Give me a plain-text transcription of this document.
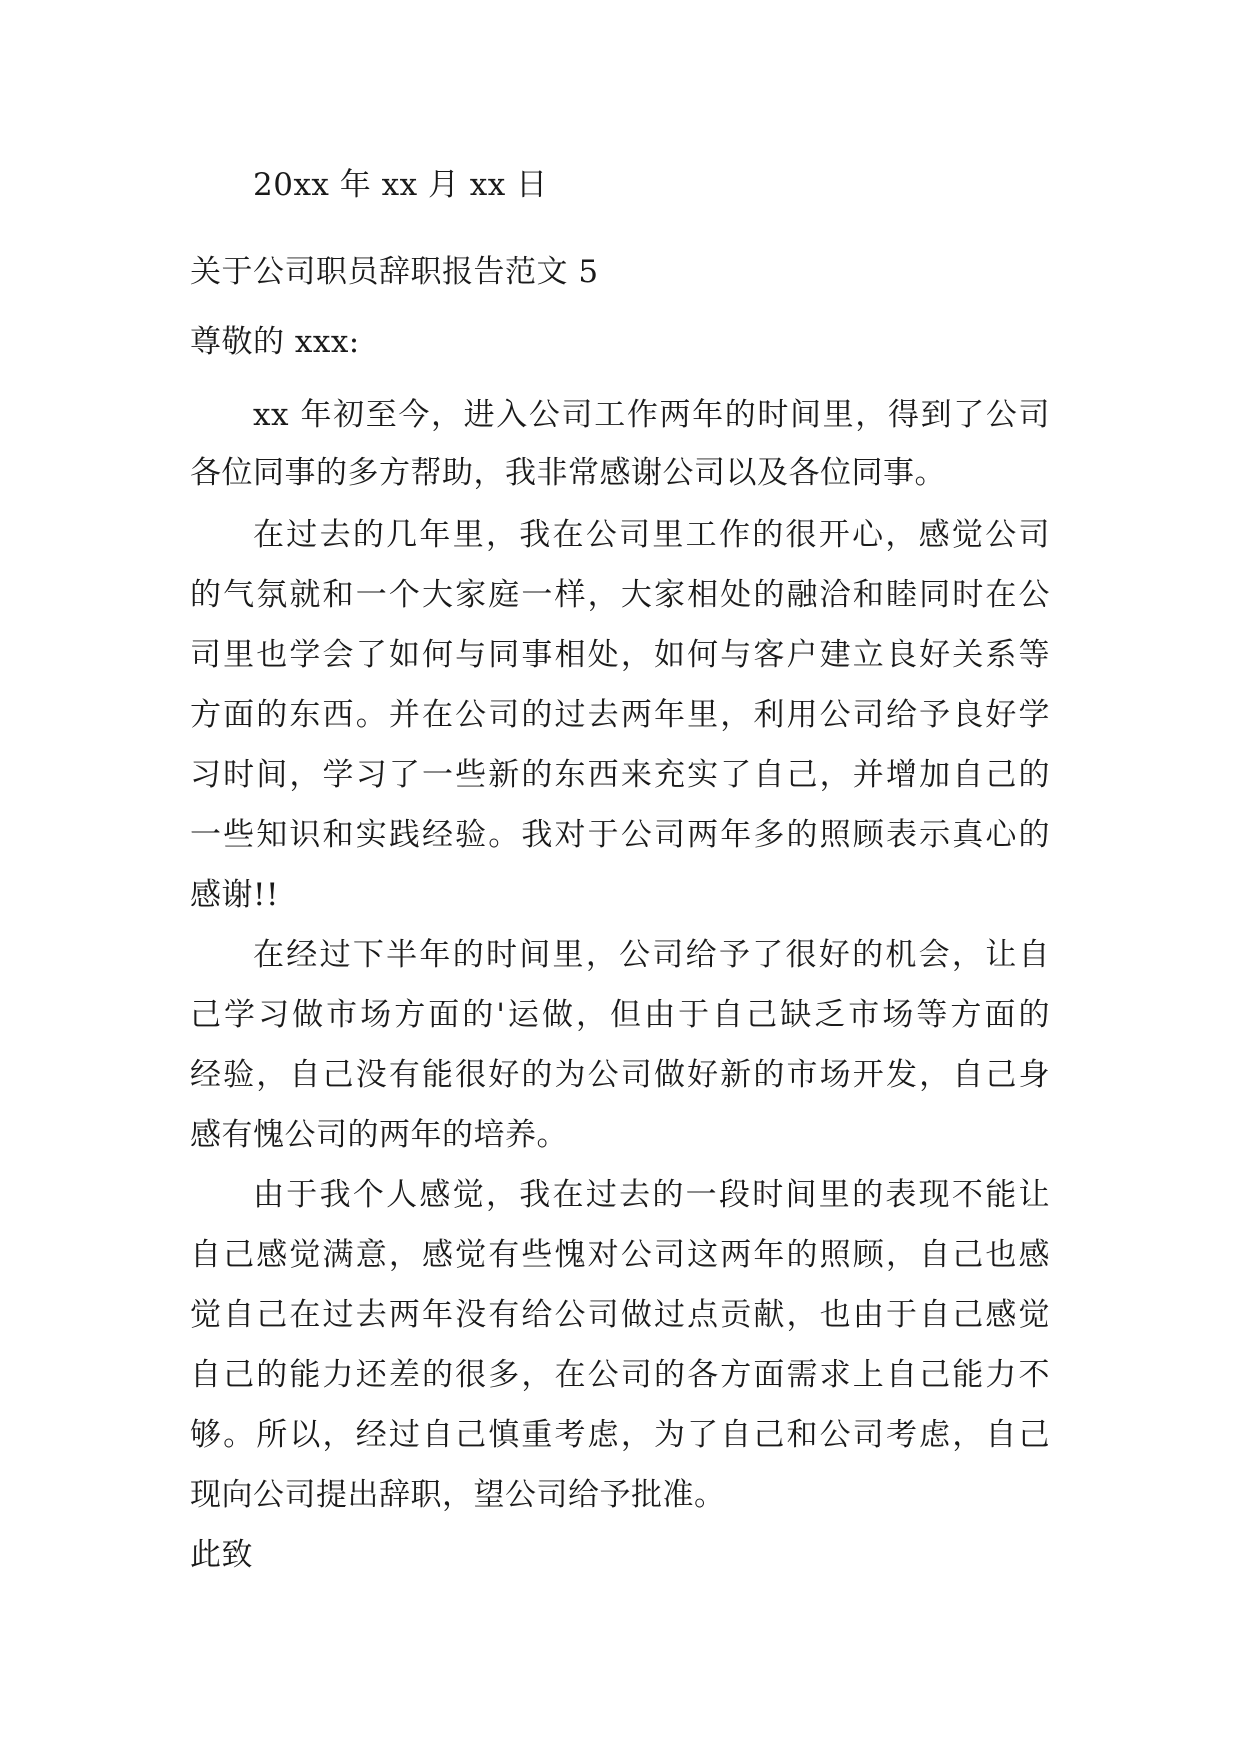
20xx 年 xx 月 xx 日
关于公司职员辞职报告范文 5
尊敬的 xxx:
xx 年初至今，进入公司工作两年的时间里，得到了公司
各位同事的多方帮助，我非常感谢公司以及各位同事。
在过去的几年里，我在公司里工作的很开心，感觉公司
的气氛就和一个大家庭一样，大家相处的融洽和睦同时在公
司里也学会了如何与同事相处，如何与客户建立良好关系等
方面的东西。并在公司的过去两年里，利用公司给予良好学
习时间，学习了一些新的东西来充实了自己，并增加自己的
一些知识和实践经验。我对于公司两年多的照顾表示真心的
感谢!!
在经过下半年的时间里，公司给予了很好的机会，让自
己学习做市场方面的'运做，但由于自己缺乏市场等方面的
经验，自己没有能很好的为公司做好新的市场开发，自己身
感有愧公司的两年的培养。
由于我个人感觉，我在过去的一段时间里的表现不能让
自己感觉满意，感觉有些愧对公司这两年的照顾，自己也感
觉自己在过去两年没有给公司做过点贡献，也由于自己感觉
自己的能力还差的很多，在公司的各方面需求上自己能力不
够。所以，经过自己慎重考虑，为了自己和公司考虑，自己
现向公司提出辞职，望公司给予批准。
此致
